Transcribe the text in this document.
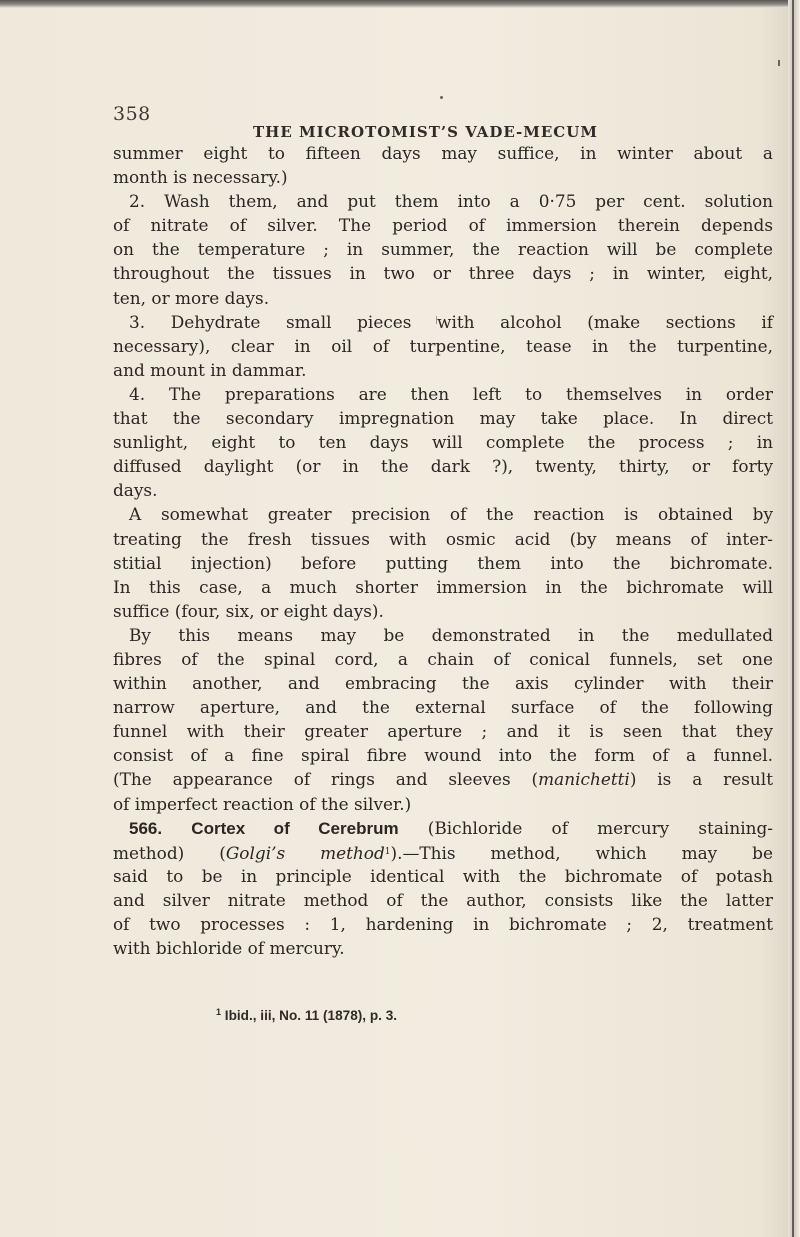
358
THE MICROTOMIST’S VADE-MECUM
summer eight to fifteen days may suffice, in winter about a
month is necessary.)
2. Wash them, and put them into a 0·75 per cent. solution
of nitrate of silver. The period of immersion therein depends
on the temperature ; in summer, the reaction will be complete
throughout the tissues in two or three days ; in winter, eight,
ten, or more days.
3. Dehydrate small pieces with alcohol (make sections if
necessary), clear in oil of turpentine, tease in the turpentine,
and mount in dammar.
4. The preparations are then left to themselves in order
that the secondary impregnation may take place. In direct
sunlight, eight to ten days will complete the process ; in
diffused daylight (or in the dark ?), twenty, thirty, or forty
days.
A somewhat greater precision of the reaction is obtained by
treating the fresh tissues with osmic acid (by means of inter-
stitial injection) before putting them into the bichromate.
In this case, a much shorter immersion in the bichromate will
suffice (four, six, or eight days).
By this means may be demonstrated in the medullated
fibres of the spinal cord, a chain of conical funnels, set one
within another, and embracing the axis cylinder with their
narrow aperture, and the external surface of the following
funnel with their greater aperture ; and it is seen that they
consist of a fine spiral fibre wound into the form of a funnel.
(The appearance of rings and sleeves (manichetti) is a result
of imperfect reaction of the silver.)
566. Cortex of Cerebrum (Bichloride of mercury staining-
method) (Golgi’s method$^1$).—This method, which may be
said to be in principle identical with the bichromate of potash
and silver nitrate method of the author, consists like the latter
of two processes : 1, hardening in bichromate ; 2, treatment
with bichloride of mercury.
$^1$ Ibid., iii, No. 11 (1878), p. 3.
